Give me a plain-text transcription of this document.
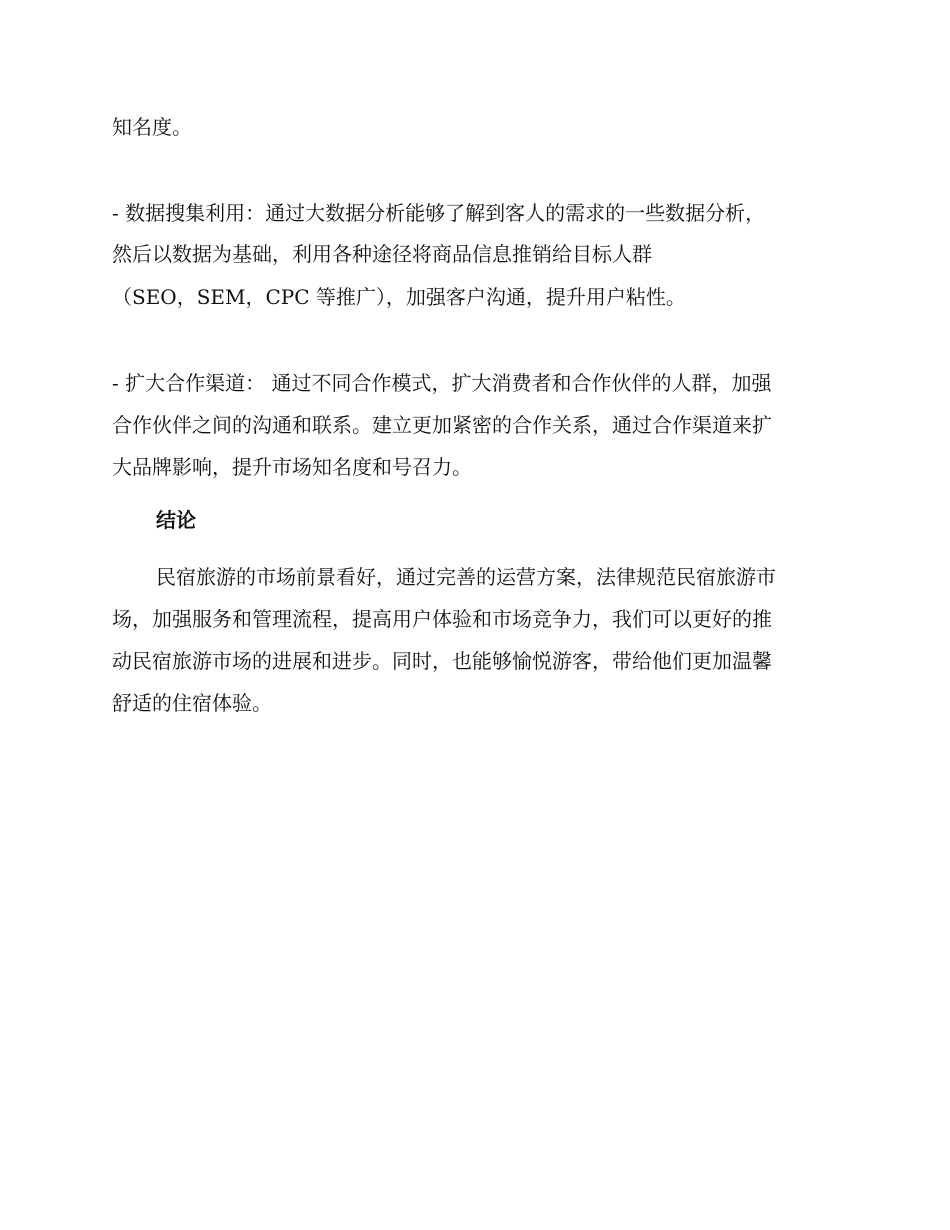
知名度。
- 数据搜集利用：通过大数据分析能够了解到客人的需求的一些数据分析，
然后以数据为基础，利用各种途径将商品信息推销给目标人群
（SEO，SEM，CPC 等推广），加强客户沟通，提升用户粘性。
- 扩大合作渠道： 通过不同合作模式，扩大消费者和合作伙伴的人群，加强
合作伙伴之间的沟通和联系。建立更加紧密的合作关系，通过合作渠道来扩
大品牌影响，提升市场知名度和号召力。
结论
民宿旅游的市场前景看好，通过完善的运营方案，法律规范民宿旅游市
场，加强服务和管理流程，提高用户体验和市场竞争力，我们可以更好的推
动民宿旅游市场的进展和进步。同时，也能够愉悦游客，带给他们更加温馨
舒适的住宿体验。
